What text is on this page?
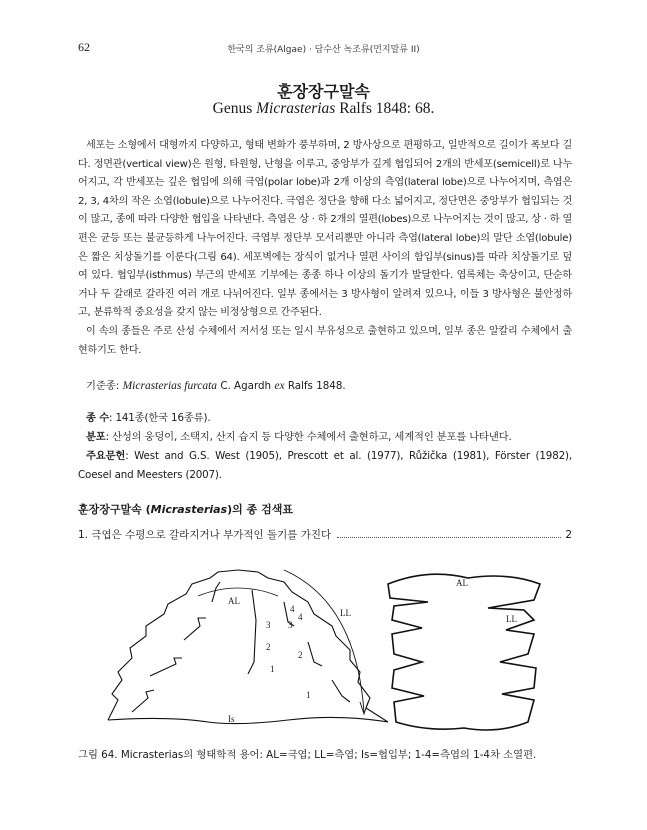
62	한국의 조류(Algae) · 담수산 녹조류(먼지말류 II)
훈장장구말속
Genus Micrasterias Ralfs 1848: 68.

세포는 소형에서 대형까지 다양하고, 형태 변화가 풍부하며, 2 방사상으로 편평하고, 일반적으로 길이가 폭보다 길다. 정면관(vertical view)은 원형, 타원형, 난형을 이루고, 중앙부가 깊게 협입되어 2개의 반세포(semicell)로 나누어지고, 각 반세포는 깊은 협입에 의해 극엽(polar lobe)과 2개 이상의 측엽(lateral lobe)으로 나누어지며, 측엽은 2, 3, 4차의 작은 소엽(lobule)으로 나누어진다. 극엽은 정단을 향해 다소 넓어지고, 정단면은 중앙부가 협입되는 것이 많고, 종에 따라 다양한 협입을 나타낸다. 측엽은 상 · 하 2개의 열편(lobes)으로 나누어지는 것이 많고, 상 · 하 열편은 균등 또는 불균등하게 나누어진다. 극엽부 정단부 모서리뿐만 아니라 측엽(lateral lobe)의 말단 소엽(lobule)은 짧은 치상돌기를 이룬다(그림 64). 세포벽에는 장식이 없거나 열편 사이의 함입부(sinus)를 따라 치상돌기로 덮여 있다. 협입부(isthmus) 부근의 반세포 기부에는 종종 하나 이상의 돌기가 발달한다. 엽록체는 축상이고, 단순하거나 두 갈래로 갈라진 여러 개로 나뉘어진다. 일부 종에서는 3 방사형이 알려져 있으나, 이들 3 방사형은 불안정하고, 분류학적 중요성을 갖지 않는 비정상형으로 간주된다.

이 속의 종들은 주로 산성 수체에서 저서성 또는 일시 부유성으로 출현하고 있으며, 일부 종은 알칼리 수체에서 출현하기도 한다.

기준종: Micrasterias furcata C. Agardh ex Ralfs 1848.
종 수: 141종(한국 16종류).
분포: 산성의 웅덩이, 소택지, 산지 습지 등 다양한 수체에서 출현하고, 세계적인 분포를 나타낸다.
주요문헌: West and G.S. West (1905), Prescott et al. (1977), Růžička (1981), Förster (1982), Coesel and Meesters (2007).
훈장장구말속 (Micrasterias)의 종 검색표
1. 극엽은 수평으로 갈라지거나 부가적인 돌기를 가진다	2
AL
LL
Is
3
4
4
3
2
2
1
1
AL
LL
그림 64. Micrasterias의 형태학적 용어: AL=극엽; LL=측엽; Is=협입부; 1-4=측엽의 1-4차 소열편.
